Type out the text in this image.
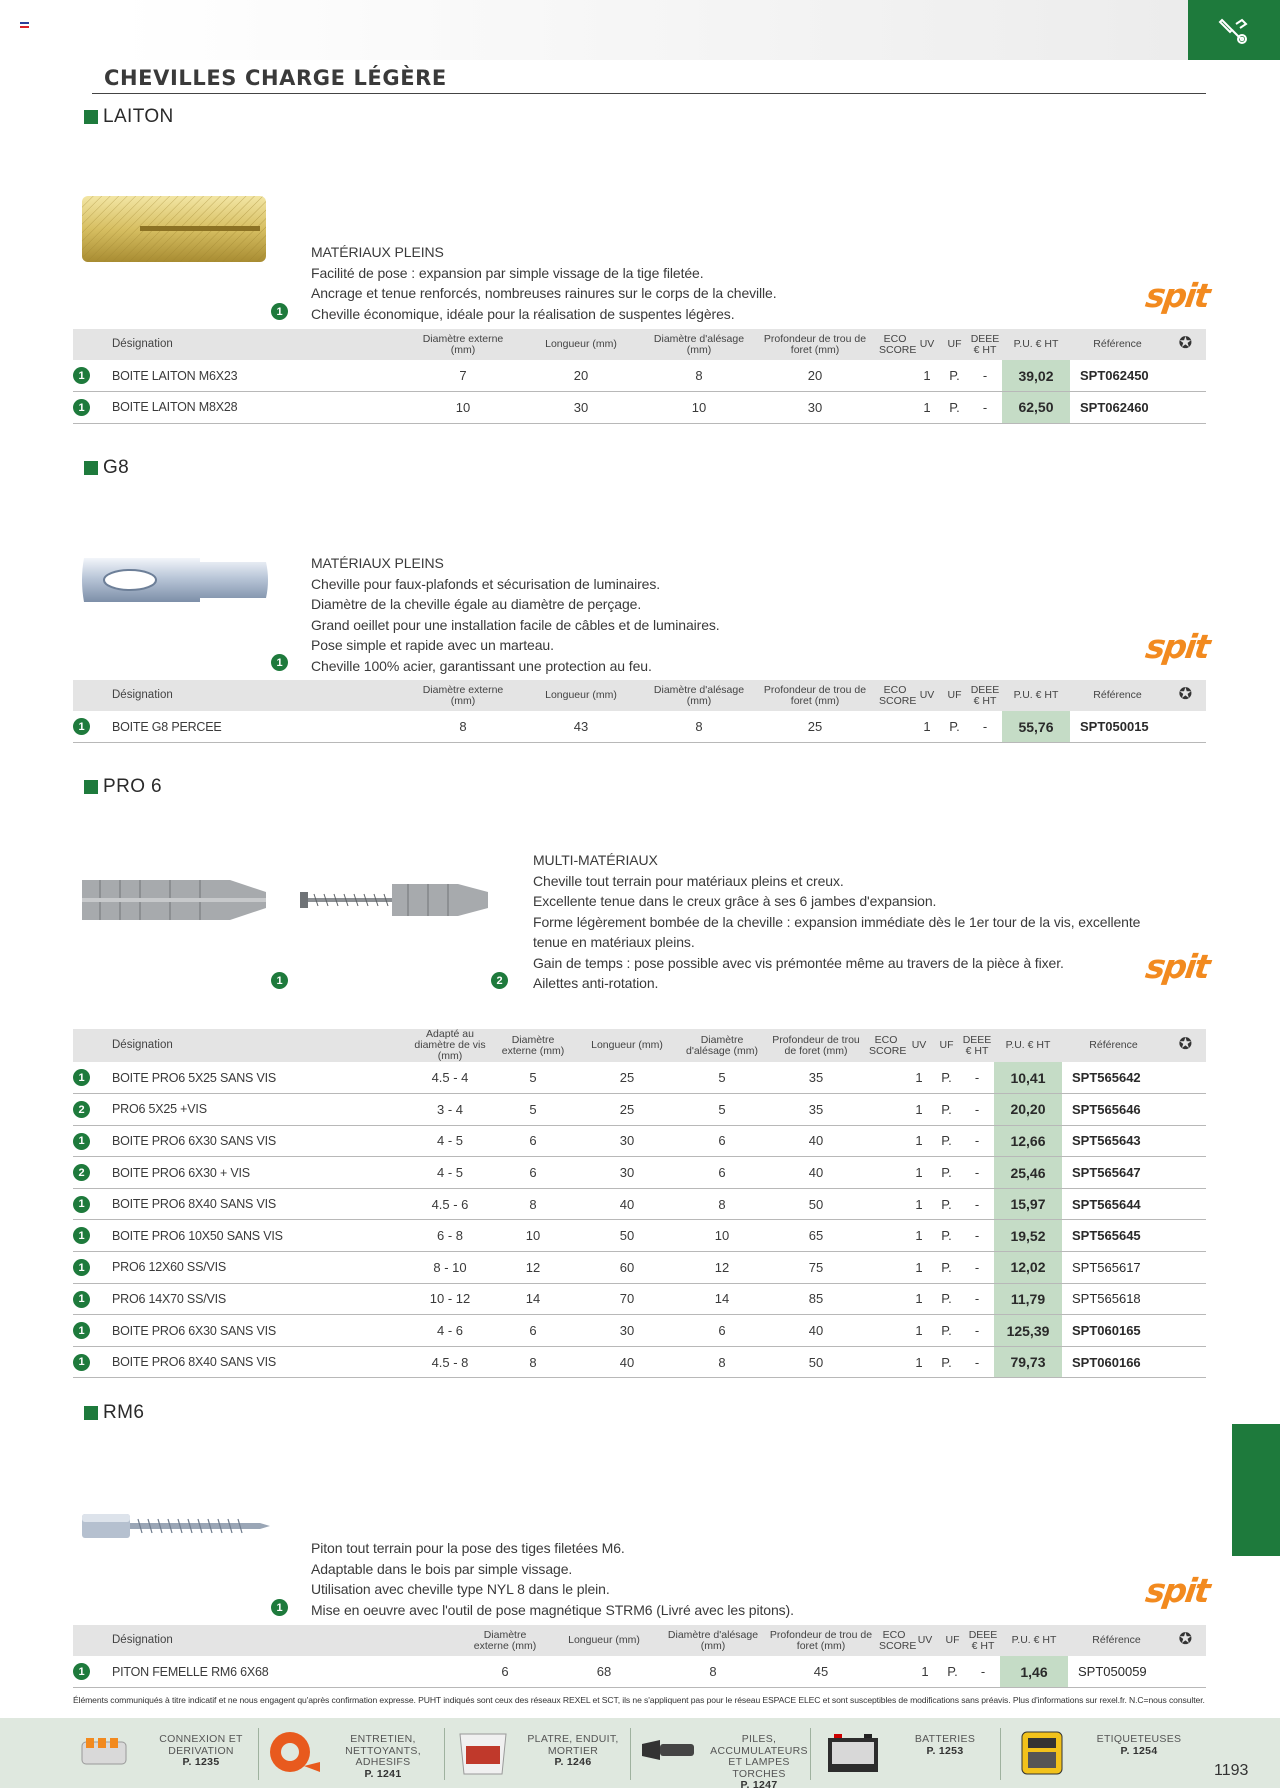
CHEVILLES CHARGE LÉGÈRE
LAITON
MATÉRIAUX PLEINS
Facilité de pose : expansion par simple vissage de la tige filetée.
Ancrage et tenue renforcés, nombreuses rainures sur le corps de la cheville.
Cheville économique, idéale pour la réalisation de suspentes légères.
1	spit
Désignation	Diamètre externe (mm)	Longueur (mm)	Diamètre d'alésage (mm)	Profondeur de trou de foret (mm)	ECO SCORE	UV	UF	DEEE € HT	P.U. € HT	Référence	✪

1 BOITE LAITON M6X23	7	20	8	20		1	P.	-	39,02	SPT062450	

1 BOITE LAITON M8X28	10	30	10	30		1	P.	-	62,50	SPT062460	
G8
MATÉRIAUX PLEINS
Cheville pour faux-plafonds et sécurisation de luminaires.
Diamètre de la cheville égale au diamètre de perçage.
Grand oeillet pour une installation facile de câbles et de luminaires.
Pose simple et rapide avec un marteau.
Cheville 100% acier, garantissant une protection au feu.
1	spit
Désignation	Diamètre externe (mm)	Longueur (mm)	Diamètre d'alésage (mm)	Profondeur de trou de foret (mm)	ECO SCORE	UV	UF	DEEE € HT	P.U. € HT	Référence	✪

1 BOITE G8 PERCEE	8	43	8	25		1	P.	-	55,76	SPT050015	
PRO 6
MULTI-MATÉRIAUX
Cheville tout terrain pour matériaux pleins et creux.
Excellente tenue dans le creux grâce à ses 6 jambes d'expansion.
Forme légèrement bombée de la cheville : expansion immédiate dès le 1er tour de la vis, excellente
tenue en matériaux pleins.
Gain de temps : pose possible avec vis prémontée même au travers de la pièce à fixer.
Ailettes anti-rotation.
1	2	spit
Désignation	Adapté au diamètre de vis (mm)	Diamètre externe (mm)	Longueur (mm)	Diamètre d'alésage (mm)	Profondeur de trou de foret (mm)	ECO SCORE	UV	UF	DEEE € HT	P.U. € HT	Référence	✪

1 BOITE PRO6 5X25 SANS VIS	4.5 - 4	5	25	5	35		1	P.	-	10,41	SPT565642	

2 PRO6 5X25 +VIS	3 - 4	5	25	5	35		1	P.	-	20,20	SPT565646	

1 BOITE PRO6 6X30 SANS VIS	4 - 5	6	30	6	40		1	P.	-	12,66	SPT565643	

2 BOITE PRO6 6X30 + VIS	4 - 5	6	30	6	40		1	P.	-	25,46	SPT565647	

1 BOITE PRO6 8X40 SANS VIS	4.5 - 6	8	40	8	50		1	P.	-	15,97	SPT565644	

1 BOITE PRO6 10X50 SANS VIS	6 - 8	10	50	10	65		1	P.	-	19,52	SPT565645	

1 PRO6 12X60 SS/VIS	8 - 10	12	60	12	75		1	P.	-	12,02	SPT565617	

1 PRO6 14X70 SS/VIS	10 - 12	14	70	14	85		1	P.	-	11,79	SPT565618	

1 BOITE PRO6 6X30 SANS VIS	4 - 6	6	30	6	40		1	P.	-	125,39	SPT060165	

1 BOITE PRO6 8X40 SANS VIS	4.5 - 8	8	40	8	50		1	P.	-	79,73	SPT060166	
RM6
Piton tout terrain pour la pose des tiges filetées M6.
Adaptable dans le bois par simple vissage.
Utilisation avec cheville type NYL 8 dans le plein.
Mise en oeuvre avec l'outil de pose magnétique STRM6 (Livré avec les pitons).
1	spit
Désignation	Diamètre externe (mm)	Longueur (mm)	Diamètre d'alésage (mm)	Profondeur de trou de foret (mm)	ECO SCORE	UV	UF	DEEE € HT	P.U. € HT	Référence	✪

1 PITON FEMELLE RM6 6X68	6	68	8	45		1	P.	-	1,46	SPT050059	
Éléments communiqués à titre indicatif et ne nous engagent qu'après confirmation expresse. PUHT indiqués sont ceux des réseaux REXEL et SCT, ils ne s'appliquent pas pour le réseau ESPACE ELEC et sont susceptibles de modifications sans préavis. Plus d'informations sur rexel.fr. N.C=nous consulter.
CONNEXION ET DERIVATION
P. 1235
ENTRETIEN, NETTOYANTS, ADHESIFS
P. 1241
PLATRE, ENDUIT, MORTIER
P. 1246
PILES, ACCUMULATEURS ET LAMPES TORCHES
P. 1247
BATTERIES
P. 1253
ETIQUETEUSES
P. 1254
1193
